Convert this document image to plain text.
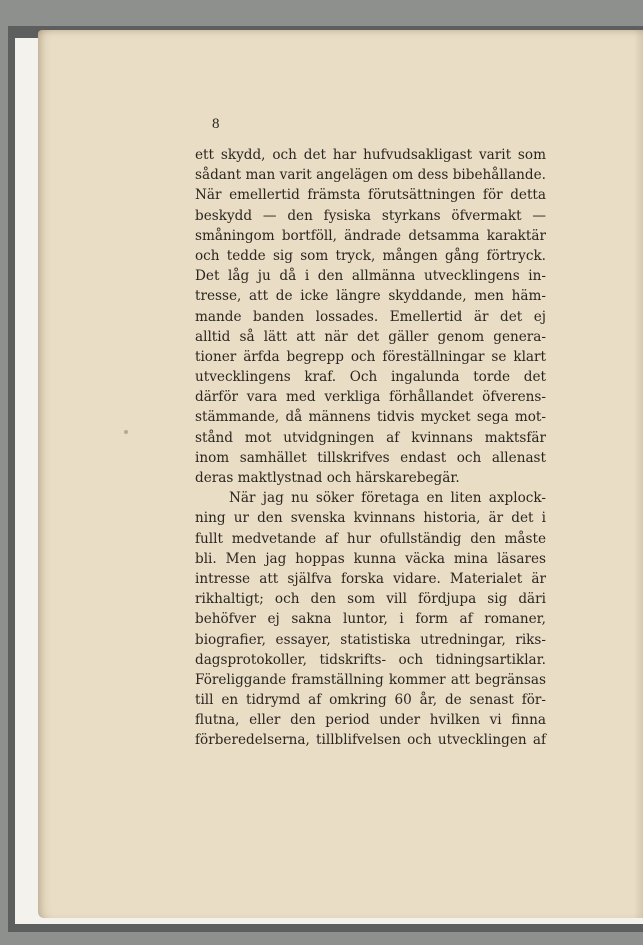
8
ett skydd, och det har hufvudsakligast varit som
sådant man varit angelägen om dess bibehållande.
När emellertid främsta förutsättningen för detta
beskydd — den fysiska styrkans öfvermakt —
småningom bortföll, ändrade detsamma karaktär
och tedde sig som tryck, mången gång förtryck.
Det låg ju då i den allmänna utvecklingens in-
tresse, att de icke längre skyddande, men häm-
mande banden lossades. Emellertid är det ej
alltid så lätt att när det gäller genom genera-
tioner ärfda begrepp och föreställningar se klart
utvecklingens kraf. Och ingalunda torde det
därför vara med verkliga förhållandet öfverens-
stämmande, då männens tidvis mycket sega mot-
stånd mot utvidgningen af kvinnans maktsfär
inom samhället tillskrifves endast och allenast
deras maktlystnad och härskarebegär.
När jag nu söker företaga en liten axplock-
ning ur den svenska kvinnans historia, är det i
fullt medvetande af hur ofullständig den måste
bli. Men jag hoppas kunna väcka mina läsares
intresse att själfva forska vidare. Materialet är
rikhaltigt; och den som vill fördjupa sig däri
behöfver ej sakna luntor, i form af romaner,
biografier, essayer, statistiska utredningar, riks-
dagsprotokoller, tidskrifts- och tidningsartiklar.
Föreliggande framställning kommer att begränsas
till en tidrymd af omkring 60 år, de senast för-
flutna, eller den period under hvilken vi finna
förberedelserna, tillblifvelsen och utvecklingen af
